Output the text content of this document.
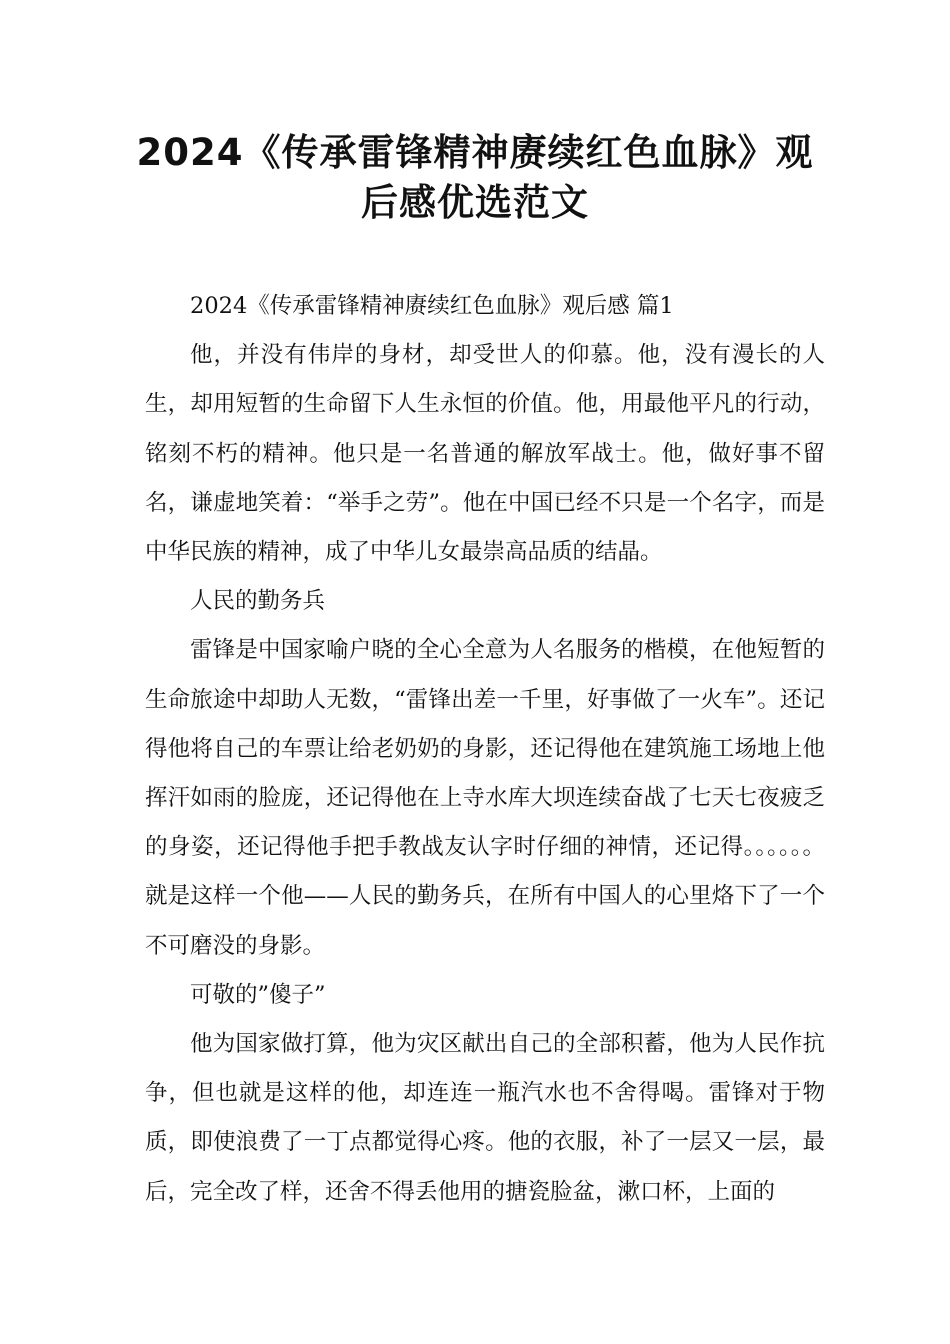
2024《传承雷锋精神赓续红色血脉》观
后感优选范文

2024《传承雷锋精神赓续红色血脉》观后感 篇1

他，并没有伟岸的身材，却受世人的仰慕。他，没有漫长的人生，却用短暂的生命留下人生永恒的价值。他，用最他平凡的行动，铭刻不朽的精神。他只是一名普通的解放军战士。他，做好事不留名，谦虚地笑着：“举手之劳”。他在中国已经不只是一个名字，而是中华民族的精神，成了中华儿女最崇高品质的结晶。

人民的勤务兵

雷锋是中国家喻户晓的全心全意为人名服务的楷模，在他短暂的生命旅途中却助人无数，“雷锋出差一千里，好事做了一火车”。还记得他将自己的车票让给老奶奶的身影，还记得他在建筑施工场地上他挥汗如雨的脸庞，还记得他在上寺水库大坝连续奋战了七天七夜疲乏的身姿，还记得他手把手教战友认字时仔细的神情，还记得。。。。。。就是这样一个他——人民的勤务兵，在所有中国人的心里烙下了一个不可磨没的身影。

可敬的”傻子”

他为国家做打算，他为灾区献出自己的全部积蓄，他为人民作抗争，但也就是这样的他，却连连一瓶汽水也不舍得喝。雷锋对于物质，即使浪费了一丁点都觉得心疼。他的衣服，补了一层又一层，最后，完全改了样，还舍不得丢他用的搪瓷脸盆，漱口杯，上面的
